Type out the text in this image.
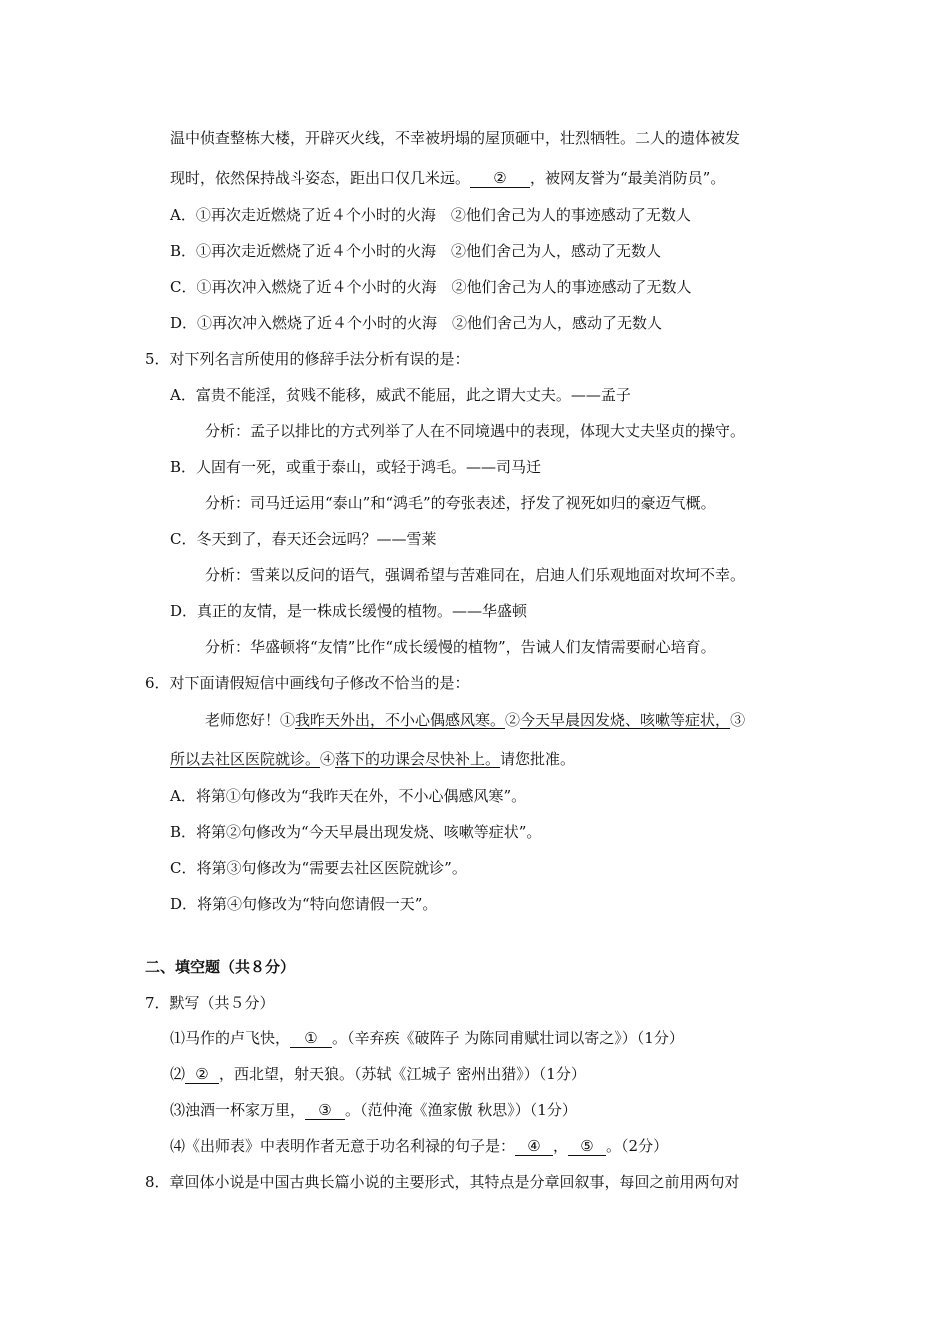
温中侦查整栋大楼，开辟灭火线，不幸被坍塌的屋顶砸中，壮烈牺牲。二人的遗体被发
现时，依然保持战斗姿态，距出口仅几米远。 ② ，被网友誉为“最美消防员”。
A．①再次走近燃烧了近４个小时的火海　②他们舍己为人的事迹感动了无数人
B．①再次走近燃烧了近４个小时的火海　②他们舍己为人，感动了无数人
C．①再次冲入燃烧了近４个小时的火海　②他们舍己为人的事迹感动了无数人
D．①再次冲入燃烧了近４个小时的火海　②他们舍己为人，感动了无数人
5．对下列名言所使用的修辞手法分析有误的是：
A．富贵不能淫，贫贱不能移，威武不能屈，此之谓大丈夫。——孟子
分析：孟子以排比的方式列举了人在不同境遇中的表现，体现大丈夫坚贞的操守。
B．人固有一死，或重于泰山，或轻于鸿毛。——司马迁
分析：司马迁运用“泰山”和“鸿毛”的夸张表述，抒发了视死如归的豪迈气概。
C．冬天到了，春天还会远吗？——雪莱
分析：雪莱以反问的语气，强调希望与苦难同在，启迪人们乐观地面对坎坷不幸。
D．真正的友情，是一株成长缓慢的植物。——华盛顿
分析：华盛顿将“友情”比作“成长缓慢的植物”，告诫人们友情需要耐心培育。
6．对下面请假短信中画线句子修改不恰当的是：
老师您好！①我昨天外出，不小心偶感风寒。②今天早晨因发烧、咳嗽等症状，③
所以去社区医院就诊。④落下的功课会尽快补上。请您批准。
A．将第①句修改为“我昨天在外，不小心偶感风寒”。
B．将第②句修改为“今天早晨出现发烧、咳嗽等症状”。
C．将第③句修改为“需要去社区医院就诊”。
D．将第④句修改为“特向您请假一天”。
二、填空题（共８分）
7．默写（共５分）
⑴马作的卢飞快， ① 。（辛弃疾《破阵子 为陈同甫赋壮词以寄之》）（1分）
⑵ ② ，西北望，射天狼。（苏轼《江城子 密州出猎》）（1分）
⑶浊酒一杯家万里， ③ 。（范仲淹《渔家傲 秋思》）（1分）
⑷《出师表》中表明作者无意于功名利禄的句子是： ④ ， ⑤ 。（2分）
8．章回体小说是中国古典长篇小说的主要形式，其特点是分章回叙事，每回之前用两句对
